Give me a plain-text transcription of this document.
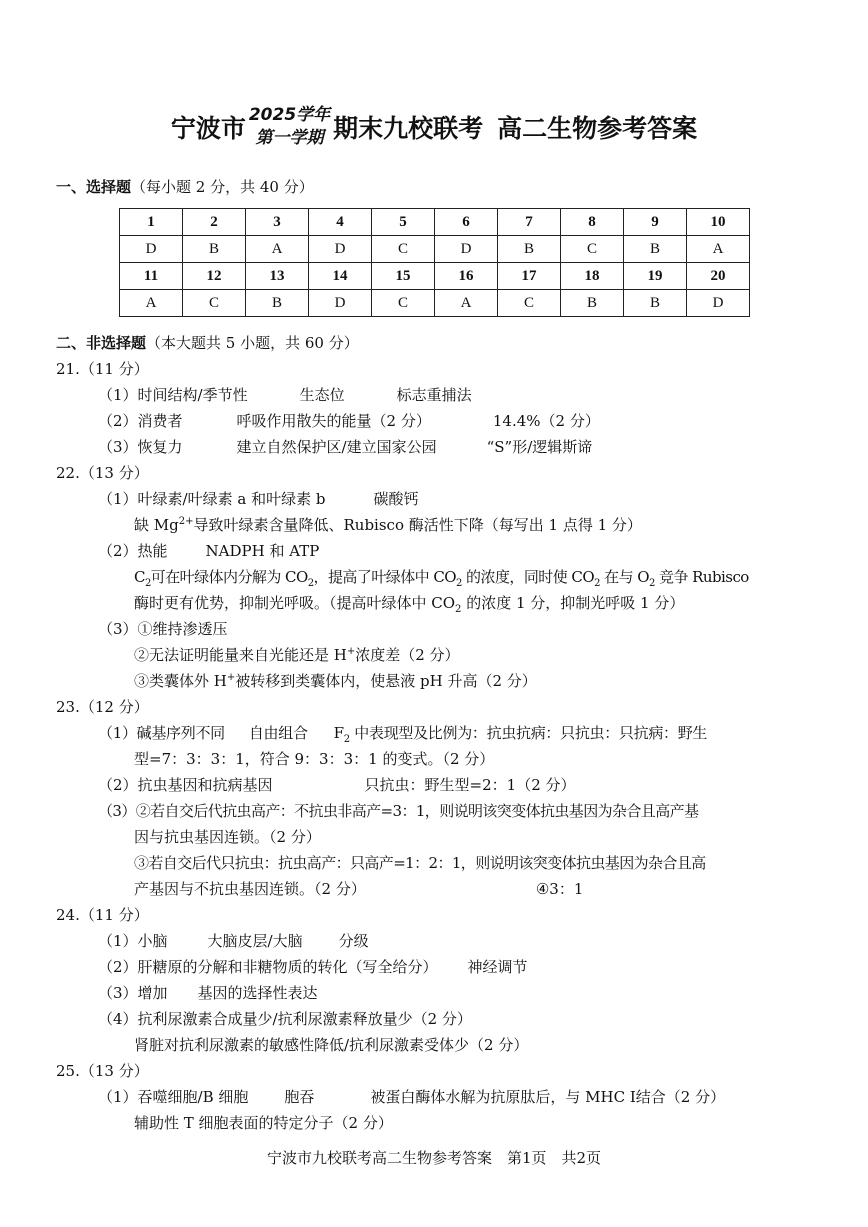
宁波市 2025学年
第一学期 期末九校联考 高二生物参考答案
一、选择题（每小题 2 分，共 40 分）
1	2	3	4	5	6	7	8	9	10
D	B	A	D	C	D	B	C	B	A
11	12	13	14	15	16	17	18	19	20
A	C	B	D	C	A	C	B	B	D
二、非选择题（本大题共 5 小题，共 60 分）
21.（11 分）
（1）时间结构/季节性	生态位	标志重捕法
（2）消费者	呼吸作用散失的能量（2 分）	14.4%（2 分）
（3）恢复力	建立自然保护区/建立国家公园	“S”形/逻辑斯谛
22.（13 分）
（1）叶绿素/叶绿素 a 和叶绿素 b	碳酸钙
缺 $Mg^{2+}$导致叶绿素含量降低、Rubisco 酶活性下降（每写出 1 点得 1 分）
（2）热能	NADPH 和 ATP
$C_2$可在叶绿体内分解为 $CO_2$，提高了叶绿体中 $CO_2$ 的浓度，同时使 $CO_2$ 在与 $O_2$ 竞争 Rubisco
酶时更有优势，抑制光呼吸。（提高叶绿体中 $CO_2$ 的浓度 1 分，抑制光呼吸 1 分）
（3）①维持渗透压
②无法证明能量来自光能还是 H+浓度差（2 分）
③类囊体外 H+被转移到类囊体内，使悬液 pH 升高（2 分）
23.（12 分）
（1）碱基序列不同 自由组合 $F_2$ 中表现型及比例为：抗虫抗病：只抗虫：只抗病：野生
型=7：3：3：1，符合 9：3：3：1 的变式。（2 分）
（2）抗虫基因和抗病基因	只抗虫：野生型=2：1（2 分）
（3）②若自交后代抗虫高产：不抗虫非高产=3：1，则说明该突变体抗虫基因为杂合且高产基
因与抗虫基因连锁。（2 分）
③若自交后代只抗虫：抗虫高产：只高产=1：2：1，则说明该突变体抗虫基因为杂合且高
产基因与不抗虫基因连锁。（2 分）	④3：1
24.（11 分）
（1）小脑	大脑皮层/大脑 分级
（2）肝糖原的分解和非糖物质的转化（写全给分） 神经调节
（3）增加 基因的选择性表达
（4）抗利尿激素合成量少/抗利尿激素释放量少（2 分）
肾脏对抗利尿激素的敏感性降低/抗利尿激素受体少（2 分）
25.（13 分）
（1）吞噬细胞/B 细胞 胞吞	被蛋白酶体水解为抗原肽后，与 MHC I结合（2 分）
辅助性 T 细胞表面的特定分子（2 分）
宁波市九校联考高二生物参考答案　第1页　共2页
